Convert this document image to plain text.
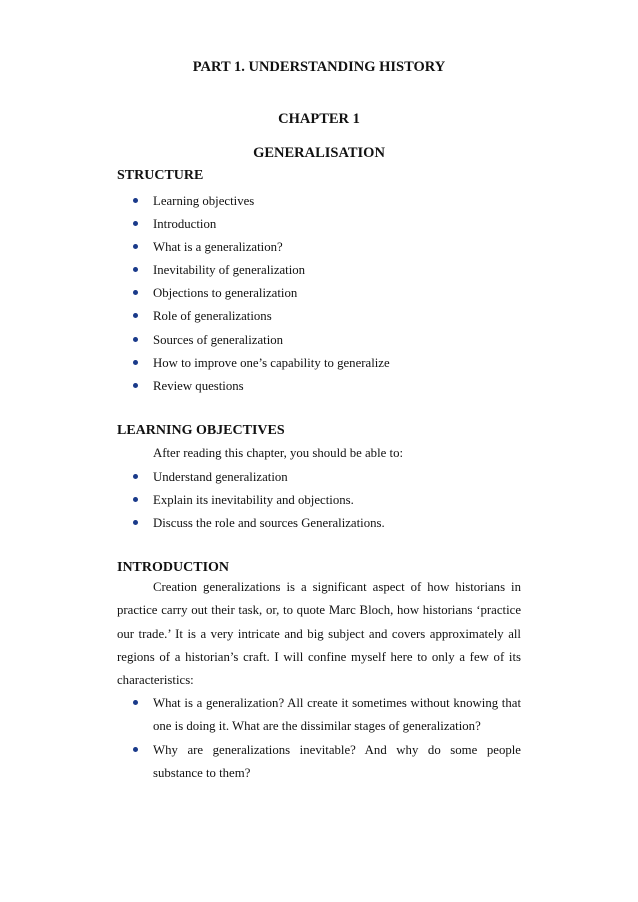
PART 1. UNDERSTANDING HISTORY
CHAPTER 1
GENERALISATION
STRUCTURE
Learning objectives
Introduction
What is a generalization?
Inevitability of generalization
Objections to generalization
Role of generalizations
Sources of generalization
How to improve one’s capability to generalize
Review questions
LEARNING OBJECTIVES
After reading this chapter, you should be able to:
Understand generalization
Explain its inevitability and objections.
Discuss the role and sources Generalizations.
INTRODUCTION
Creation generalizations is a significant aspect of how historians in practice carry out their task, or, to quote Marc Bloch, how historians ‘practice our trade.’ It is a very intricate and big subject and covers approximately all regions of a historian’s craft. I will confine myself here to only a few of its characteristics:
What is a generalization? All create it sometimes without knowing that one is doing it. What are the dissimilar stages of generalization?
Why are generalizations inevitable? And why do some people substance to them?
